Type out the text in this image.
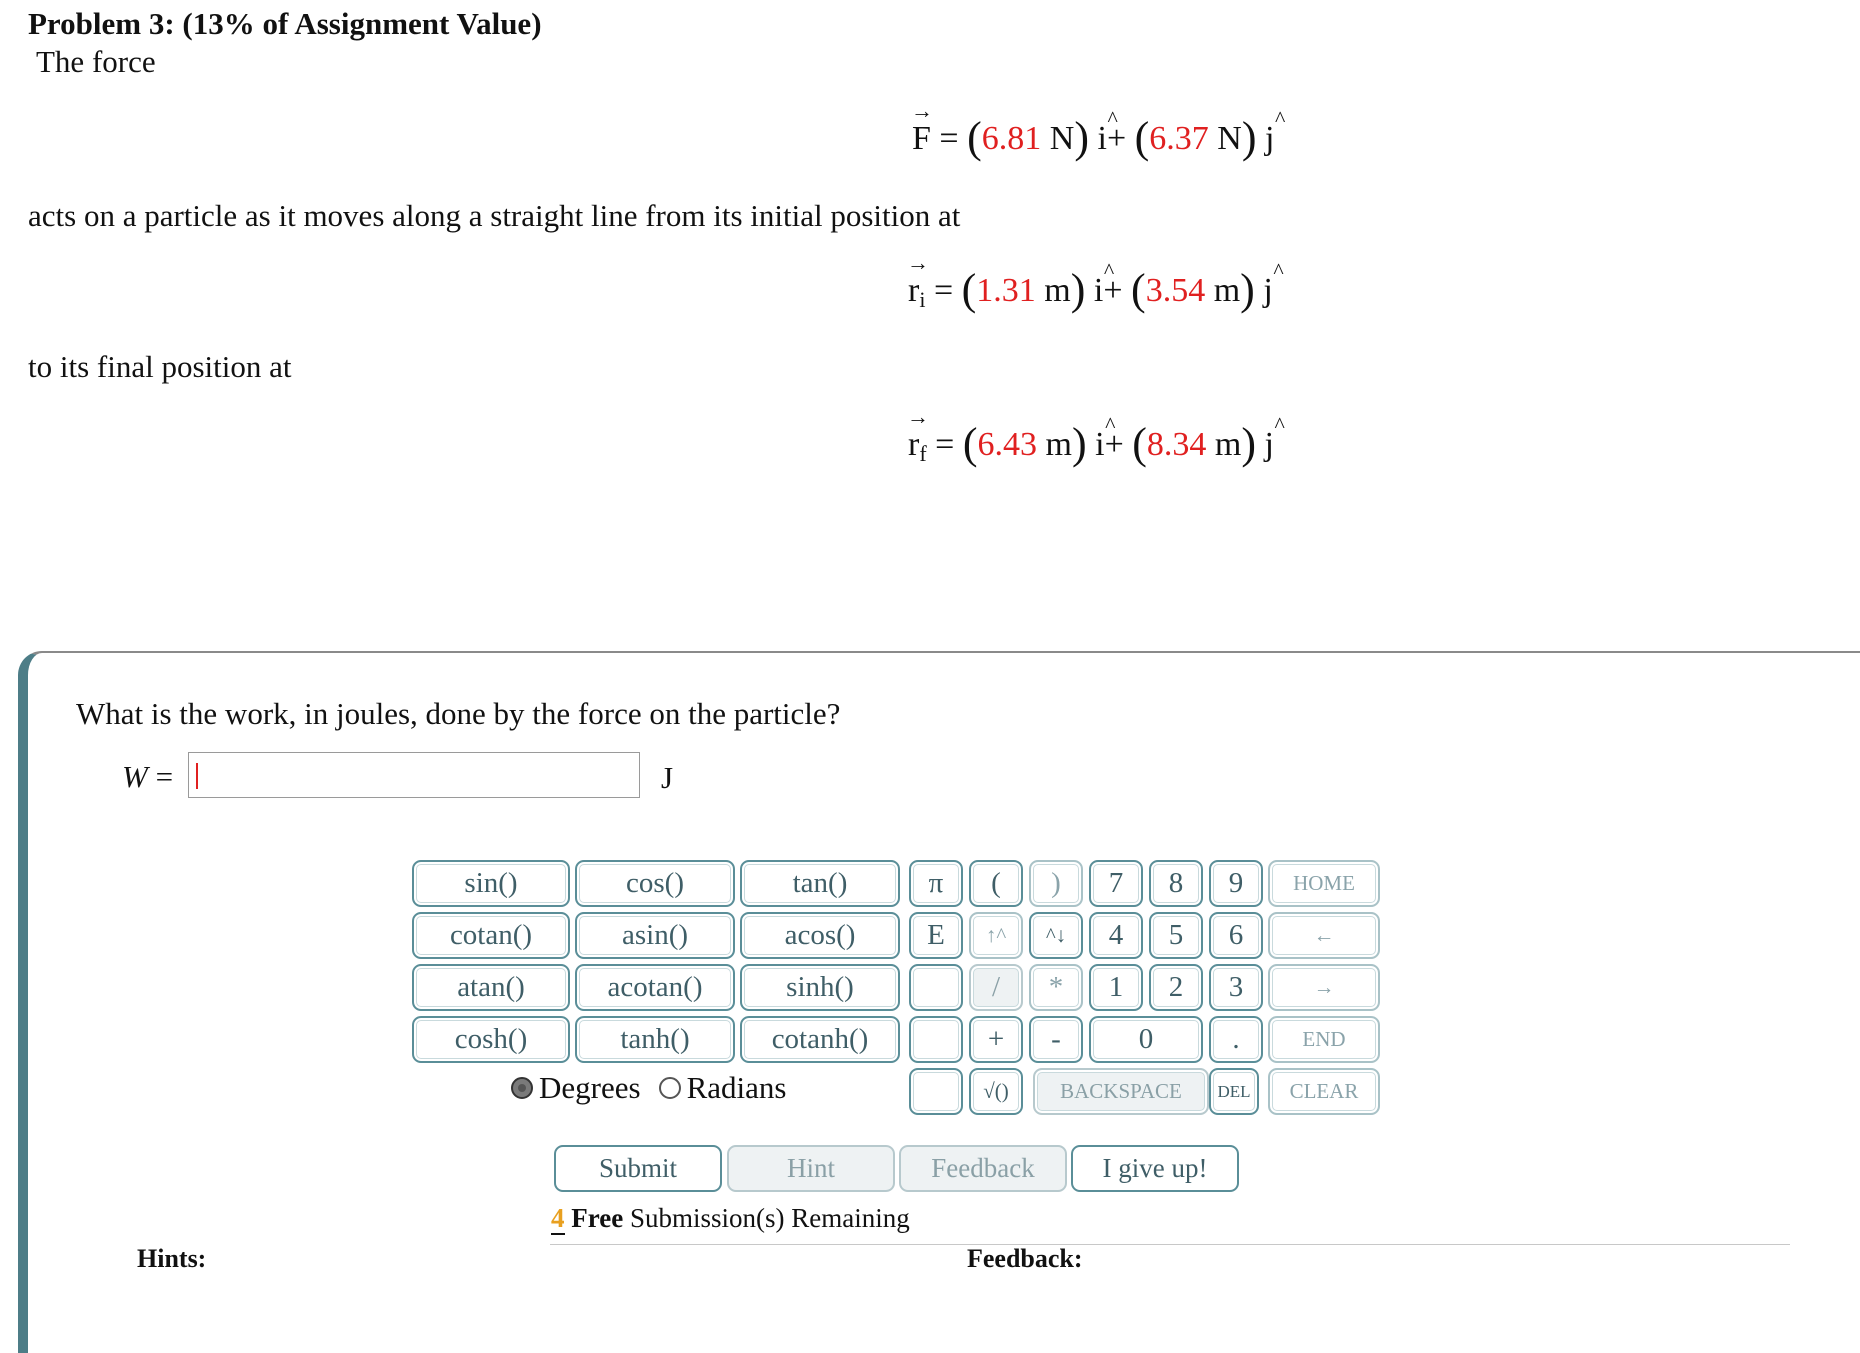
Problem 3: (13% of Assignment Value)
The force
→ F = (6.81 N) i ^+ (6.37 N) j ^
acts on a particle as it moves along a straight line from its initial position at
→ $r_i = (1.31$ m) i ^+ (3.54 m) j ^
to its final position at
→ $r_f = (6.43$ m) i ^+ (8.34 m) j ^
What is the work, in joules, done by the force on the particle?
W =	J
sin()	cos()	tan()
cotan()	asin()	acos()
atan()	acotan()	sinh()
cosh()	tanh()	cotanh()
π	(	)
E	↑^	^↓
/	*
+	-
√()	BACKSPACE	DEL	CLEAR
7	8	9
4	5	6
1	2	3
0	.
HOME
←
→
END
Degrees Radians
Submit	Hint	Feedback	I give up!
4 Free Submission(s) Remaining
Hints:	Feedback:
